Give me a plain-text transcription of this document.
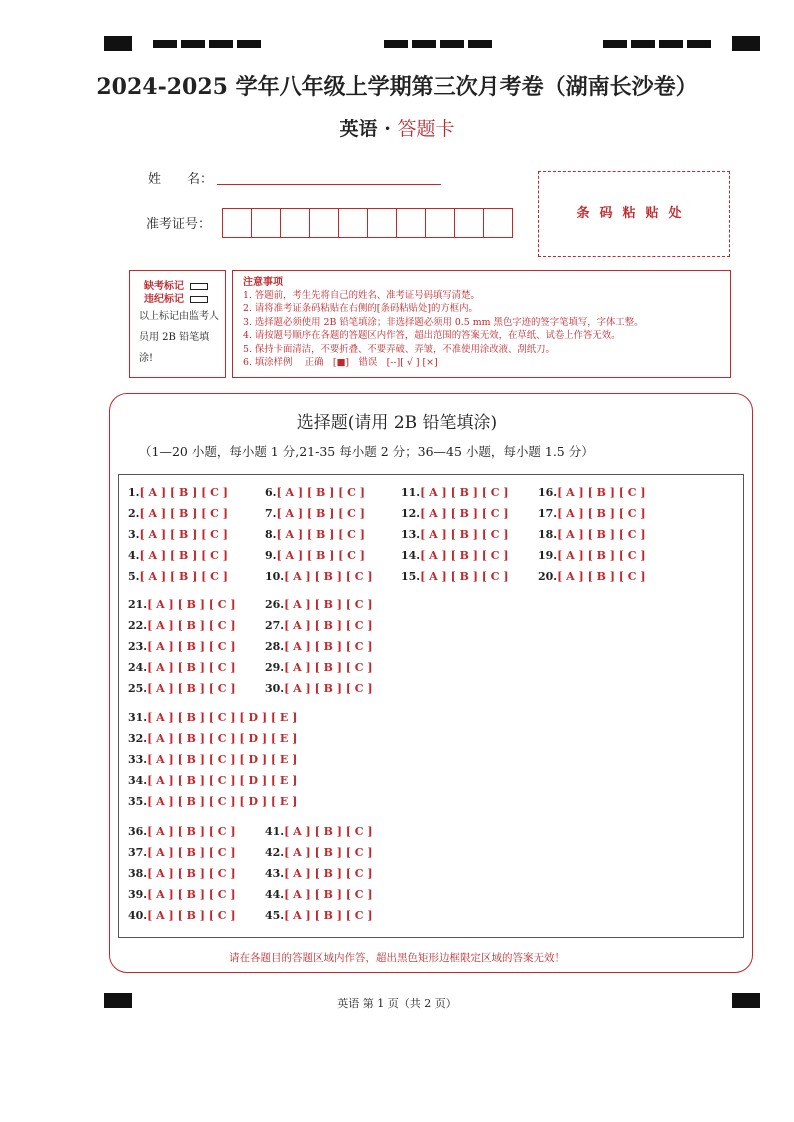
2024-2025 学年八年级上学期第三次月考卷（湖南长沙卷）
英语 · 答题卡
姓　　名：
准考证号：
条码粘贴处
缺考标记
违纪标记
以上标记由监考人员用 2B 铅笔填涂!
注意事项
1. 答题前，考生先将自己的姓名、准考证号码填写清楚。
2. 请将准考证条码粘贴在右侧的[条码粘贴处]的方框内。
3. 选择题必须使用 2B 铅笔填涂；非选择题必须用 0.5 mm 黑色字迹的签字笔填写，字体工整。
4. 请按题号顺序在各题的答题区内作答，超出范围的答案无效，在草纸、试卷上作答无效。
5. 保持卡面清洁，不要折叠、不要弄破、弄皱，不准使用涂改液、刮纸刀。
6. 填涂样例　 正确　[■]　错误　[--][ √ ] [×]
选择题(请用 2B 铅笔填涂)
（1—20 小题，每小题 1 分,21-35 每小题 2 分；36—45 小题，每小题 1.5 分）
1.[ A ] [ B ] [ C ]
2.[ A ] [ B ] [ C ]
3.[ A ] [ B ] [ C ]
4.[ A ] [ B ] [ C ]
5.[ A ] [ B ] [ C ]
6.[ A ] [ B ] [ C ]
7.[ A ] [ B ] [ C ]
8.[ A ] [ B ] [ C ]
9.[ A ] [ B ] [ C ]
10.[ A ] [ B ] [ C ]
11.[ A ] [ B ] [ C ]
12.[ A ] [ B ] [ C ]
13.[ A ] [ B ] [ C ]
14.[ A ] [ B ] [ C ]
15.[ A ] [ B ] [ C ]
16.[ A ] [ B ] [ C ]
17.[ A ] [ B ] [ C ]
18.[ A ] [ B ] [ C ]
19.[ A ] [ B ] [ C ]
20.[ A ] [ B ] [ C ]
21.[ A ] [ B ] [ C ]
22.[ A ] [ B ] [ C ]
23.[ A ] [ B ] [ C ]
24.[ A ] [ B ] [ C ]
25.[ A ] [ B ] [ C ]
26.[ A ] [ B ] [ C ]
27.[ A ] [ B ] [ C ]
28.[ A ] [ B ] [ C ]
29.[ A ] [ B ] [ C ]
30.[ A ] [ B ] [ C ]
31.[ A ] [ B ] [ C ] [ D ] [ E ]
32.[ A ] [ B ] [ C ] [ D ] [ E ]
33.[ A ] [ B ] [ C ] [ D ] [ E ]
34.[ A ] [ B ] [ C ] [ D ] [ E ]
35.[ A ] [ B ] [ C ] [ D ] [ E ]
36.[ A ] [ B ] [ C ]
37.[ A ] [ B ] [ C ]
38.[ A ] [ B ] [ C ]
39.[ A ] [ B ] [ C ]
40.[ A ] [ B ] [ C ]
41.[ A ] [ B ] [ C ]
42.[ A ] [ B ] [ C ]
43.[ A ] [ B ] [ C ]
44.[ A ] [ B ] [ C ]
45.[ A ] [ B ] [ C ]
请在各题目的答题区域内作答，超出黑色矩形边框限定区域的答案无效！
英语 第 1 页（共 2 页）
